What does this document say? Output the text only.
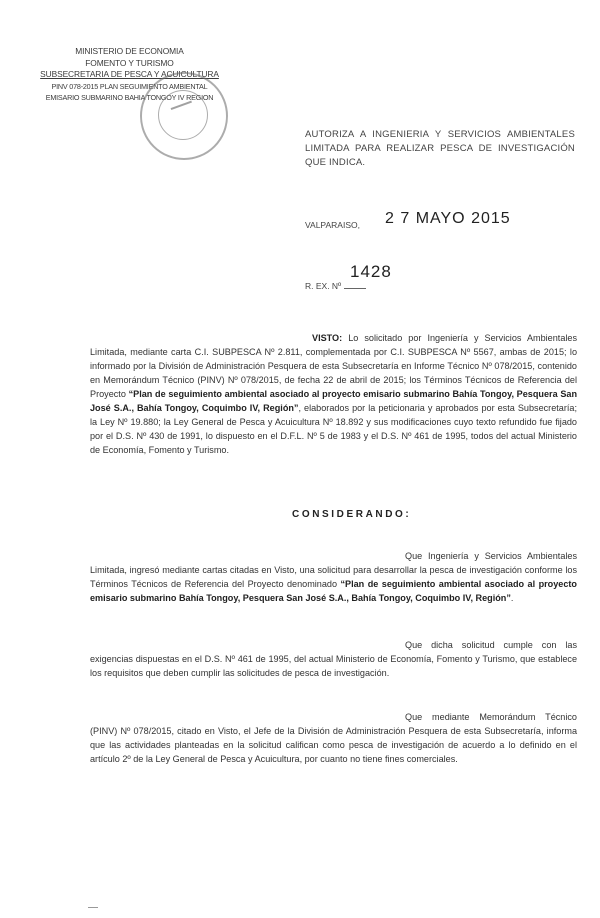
MINISTERIO DE ECONOMIA
FOMENTO Y TURISMO
SUBSECRETARIA DE PESCA Y ACUICULTURA
PINV 078-2015 PLAN SEGUIMIENTO AMBIENTAL
EMISARIO SUBMARINO BAHIA TONGOY IV REGION
AUTORIZA A INGENIERIA Y SERVICIOS AMBIENTALES LIMITADA PARA REALIZAR PESCA DE INVESTIGACIÓN QUE INDICA.
VALPARAISO, 2 7 MAYO 2015
1428
R. EX. Nº
VISTO: Lo solicitado por Ingeniería y Servicios Ambientales Limitada, mediante carta C.I. SUBPESCA Nº 2.811, complementada por C.I. SUBPESCA Nº 5567, ambas de 2015; lo informado por la División de Administración Pesquera de esta Subsecretaría en Informe Técnico Nº 078/2015, contenido en Memorándum Técnico (PINV) Nº 078/2015, de fecha 22 de abril de 2015; los Términos Técnicos de Referencia del Proyecto “Plan de seguimiento ambiental asociado al proyecto emisario submarino Bahía Tongoy, Pesquera San José S.A., Bahía Tongoy, Coquimbo IV, Región”, elaborados por la peticionaria y aprobados por esta Subsecretaría; la Ley Nº 19.880; la Ley General de Pesca y Acuicultura Nº 18.892 y sus modificaciones cuyo texto refundido fue fijado por el D.S. Nº 430 de 1991, lo dispuesto en el D.F.L. Nº 5 de 1983 y el D.S. Nº 461 de 1995, todos del actual Ministerio de Economía, Fomento y Turismo.
CONSIDERANDO:
Que Ingeniería y Servicios Ambientales Limitada, ingresó mediante cartas citadas en Visto, una solicitud para desarrollar la pesca de investigación conforme los Términos Técnicos de Referencia del Proyecto denominado “Plan de seguimiento ambiental asociado al proyecto emisario submarino Bahía Tongoy, Pesquera San José S.A., Bahía Tongoy, Coquimbo IV, Región”.
Que dicha solicitud cumple con las exigencias dispuestas en el D.S. Nº 461 de 1995, del actual Ministerio de Economía, Fomento y Turismo, que establece los requisitos que deben cumplir las solicitudes de pesca de investigación.
Que mediante Memorándum Técnico (PINV) Nº 078/2015, citado en Visto, el Jefe de la División de Administración Pesquera de esta Subsecretaría, informa que las actividades planteadas en la solicitud califican como pesca de investigación de acuerdo a lo definido en el artículo 2º de la Ley General de Pesca y Acuicultura, por cuanto no tiene fines comerciales.
